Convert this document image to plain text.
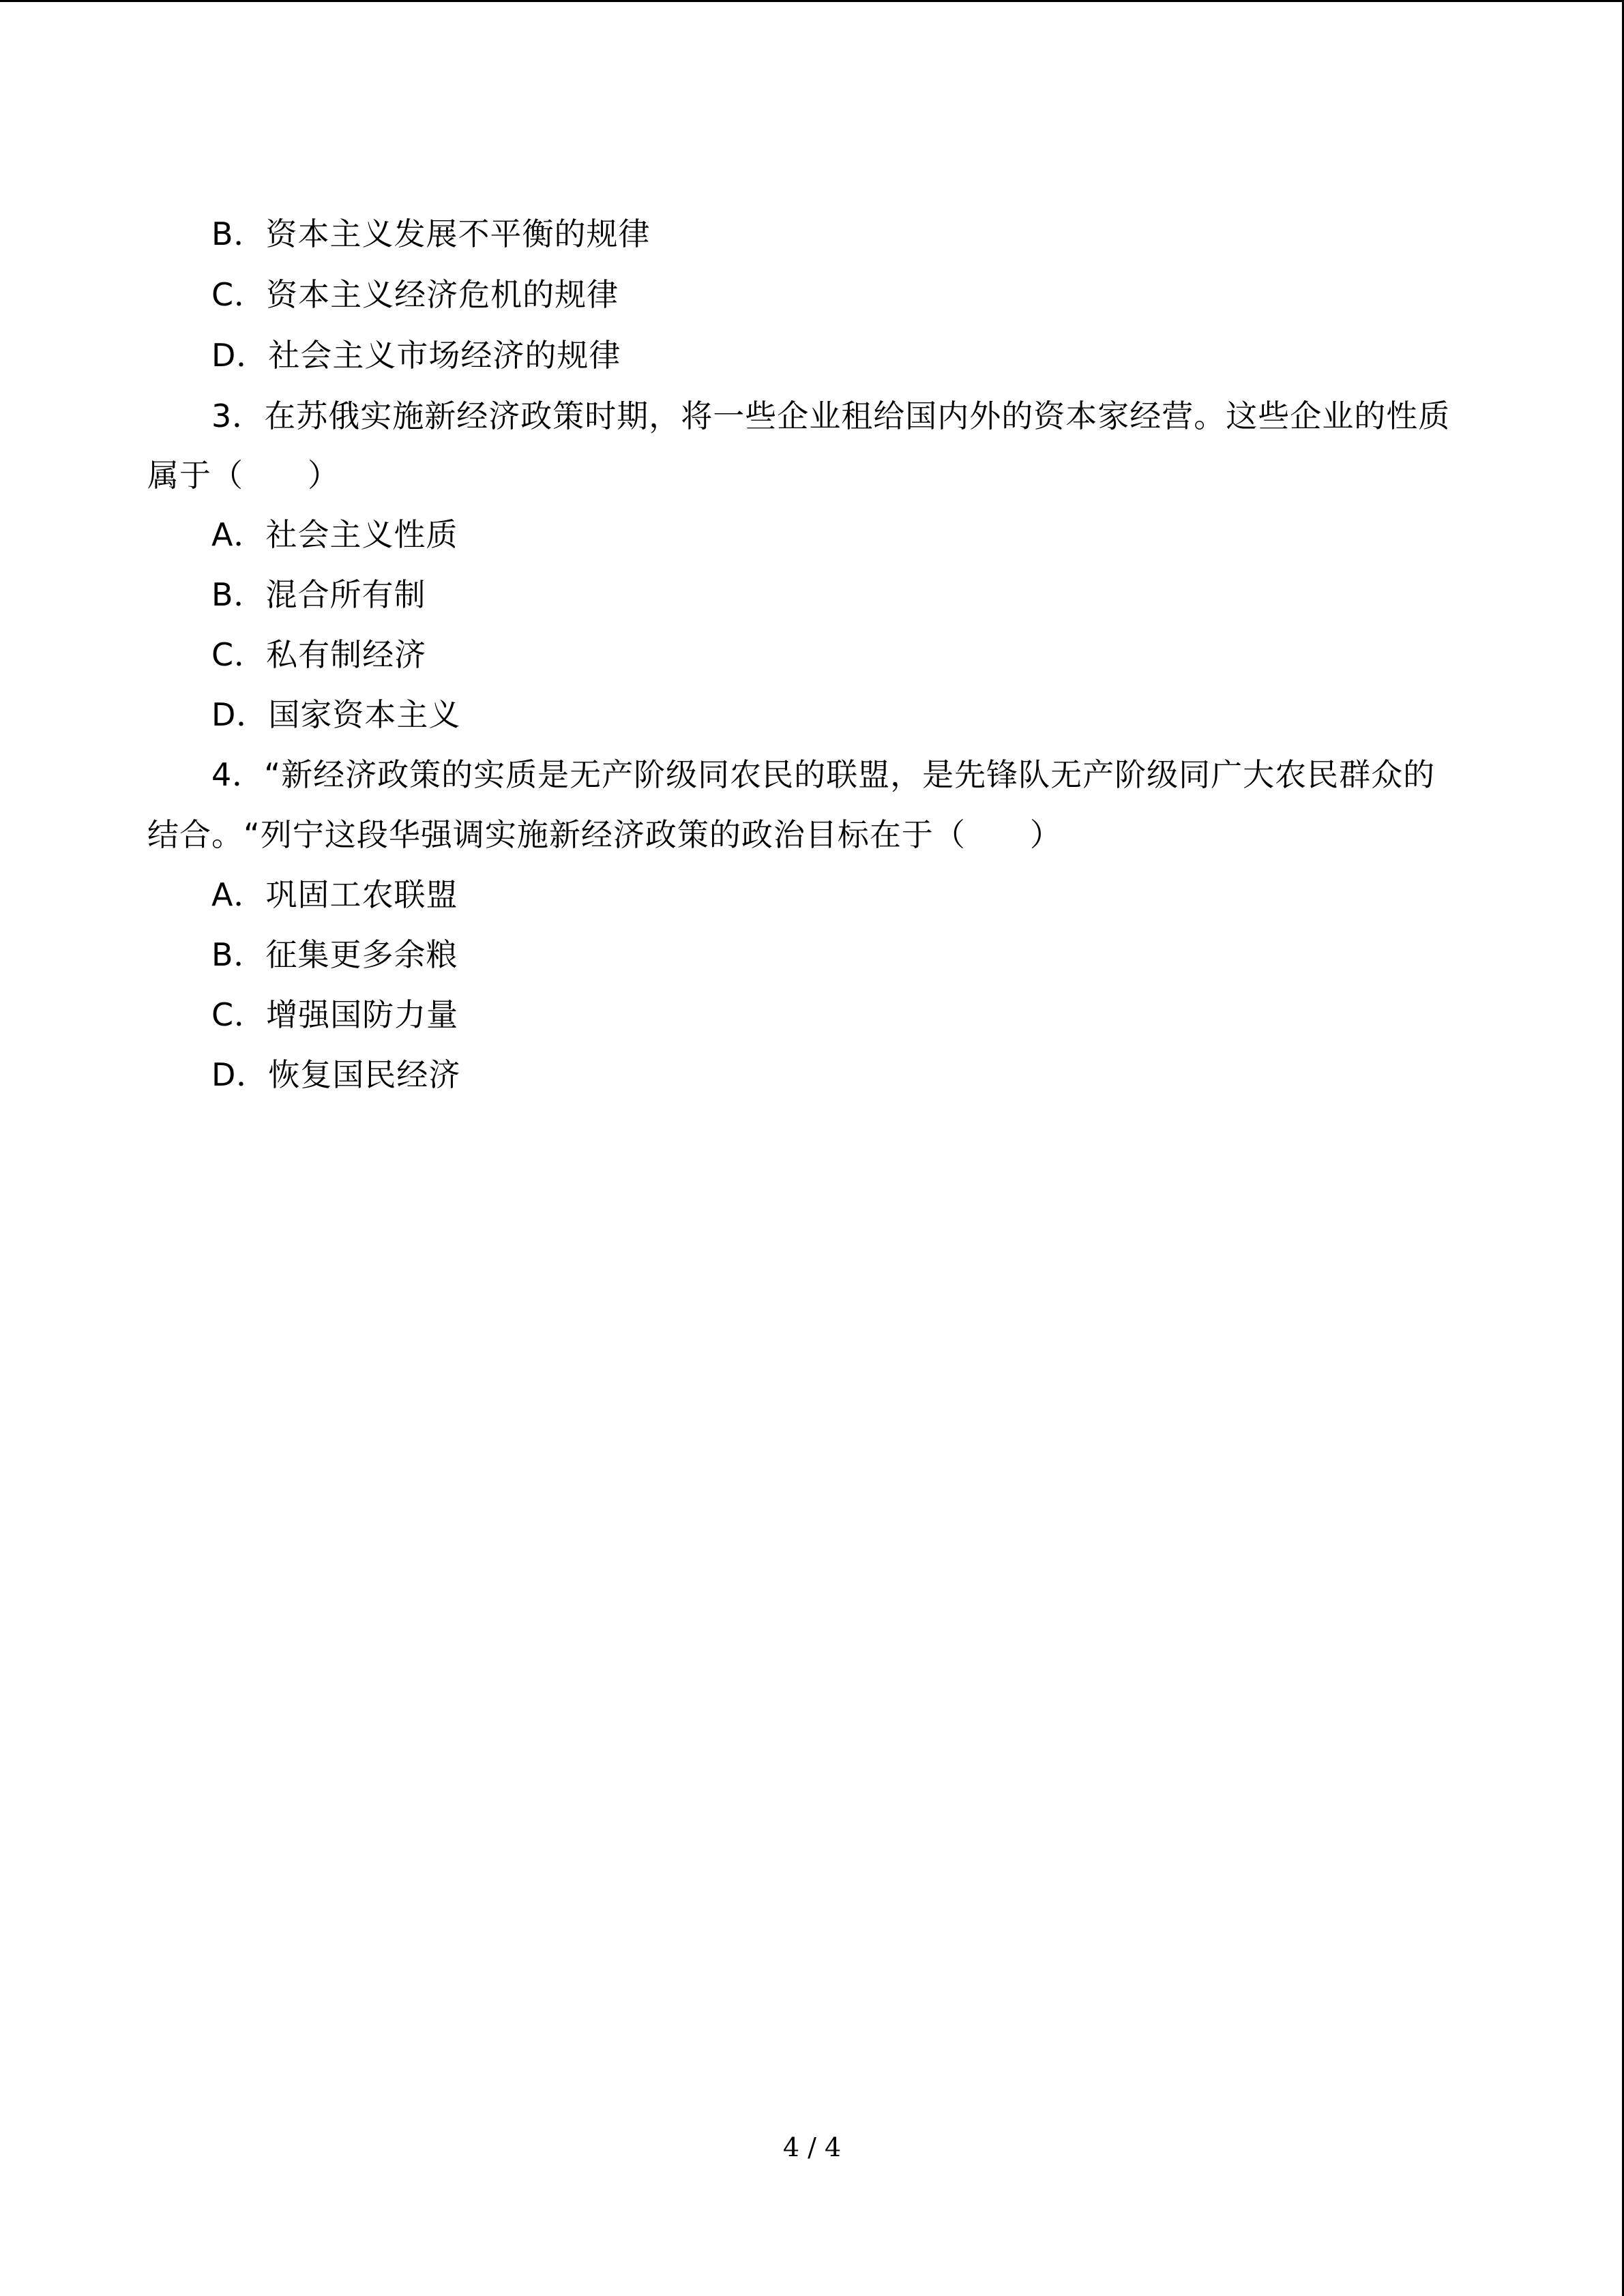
B．资本主义发展不平衡的规律
C．资本主义经济危机的规律
D．社会主义市场经济的规律
3．在苏俄实施新经济政策时期，将一些企业租给国内外的资本家经营。这些企业的性质
属于（　　）
A．社会主义性质
B．混合所有制
C．私有制经济
D．国家资本主义
4．“新经济政策的实质是无产阶级同农民的联盟，是先锋队无产阶级同广大农民群众的
结合。“列宁这段华强调实施新经济政策的政治目标在于（　　）
A．巩固工农联盟
B．征集更多余粮
C．增强国防力量
D．恢复国民经济
4 / 4
